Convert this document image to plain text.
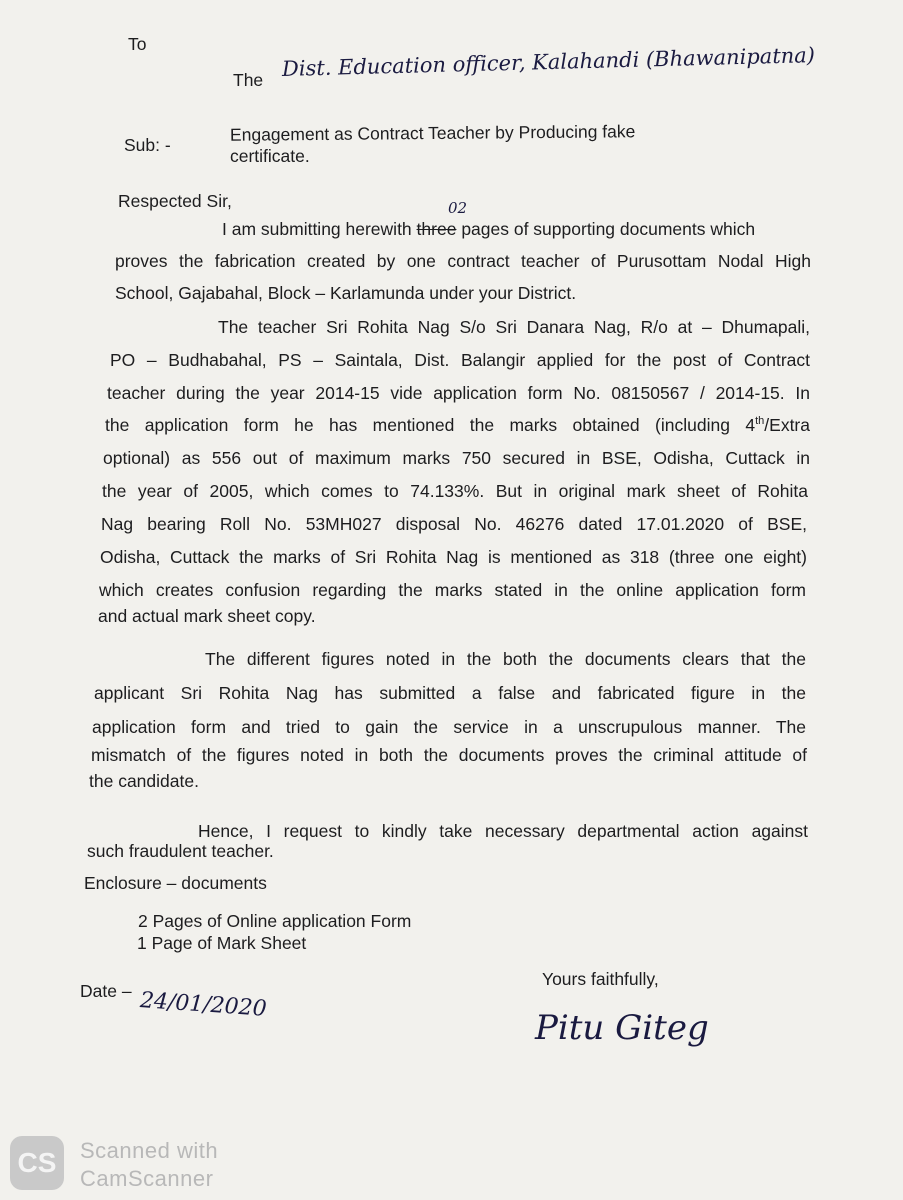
To
The Dist. Education officer, Kalahandi (Bhawanipatna)
Sub: -
Engagement as Contract Teacher by Producing fake
certificate.
Respected Sir,
I am submitting herewith three pages of supporting documents which
02
proves the fabrication created by one contract teacher of Purusottam Nodal High
School, Gajabahal, Block – Karlamunda under your District.
The teacher Sri Rohita Nag S/o Sri Danara Nag, R/o at – Dhumapali,
PO – Budhabahal, PS – Saintala, Dist. Balangir applied for the post of Contract
teacher during the year 2014-15 vide application form No. 08150567 / 2014-15. In
the application form he has mentioned the marks obtained (including 4th/Extra
optional) as 556 out of maximum marks 750 secured in BSE, Odisha, Cuttack in
the year of 2005, which comes to 74.133%. But in original mark sheet of Rohita
Nag bearing Roll No. 53MH027 disposal No. 46276 dated 17.01.2020 of BSE,
Odisha, Cuttack the marks of Sri Rohita Nag is mentioned as 318 (three one eight)
which creates confusion regarding the marks stated in the online application form
and actual mark sheet copy.
The different figures noted in the both the documents clears that the
applicant Sri Rohita Nag has submitted a false and fabricated figure in the
application form and tried to gain the service in a unscrupulous manner. The
mismatch of the figures noted in both the documents proves the criminal attitude of
the candidate.
Hence, I request to kindly take necessary departmental action against
such fraudulent teacher.
Enclosure – documents
2 Pages of Online application Form
1 Page of Mark Sheet
Date – 24/01/2020
Yours faithfully,
Pitu Giteg
CS	Scanned with
CamScanner
